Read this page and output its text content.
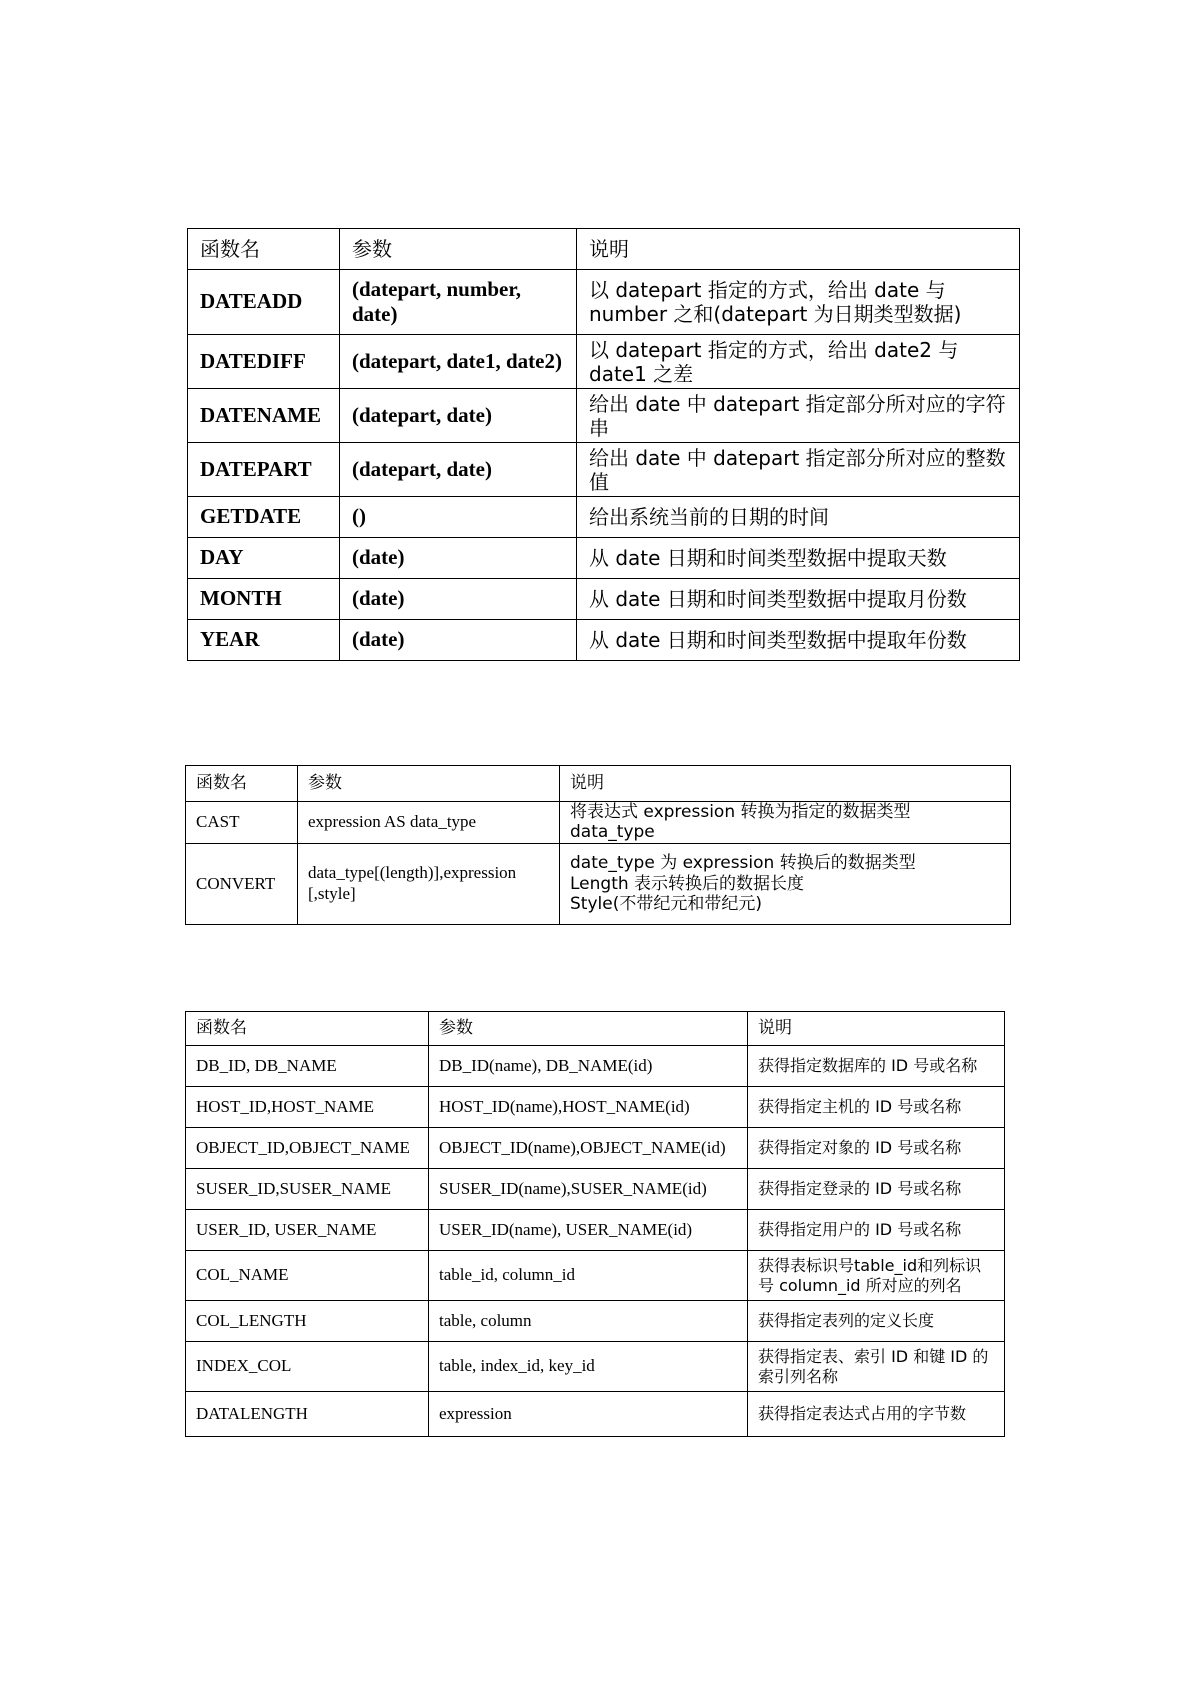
函数名	参数	说明
DATEADD	(datepart, number, date)	以 datepart 指定的方式，给出 date 与 number 之和(datepart 为日期类型数据)
DATEDIFF	(datepart, date1, date2)	以 datepart 指定的方式，给出 date2 与 date1 之差
DATENAME	(datepart, date)	给出 date 中 datepart 指定部分所对应的字符串
DATEPART	(datepart, date)	给出 date 中 datepart 指定部分所对应的整数值
GETDATE	()	给出系统当前的日期的时间
DAY	(date)	从 date 日期和时间类型数据中提取天数
MONTH	(date)	从 date 日期和时间类型数据中提取月份数
YEAR	(date)	从 date 日期和时间类型数据中提取年份数
函数名	参数	说明
CAST	expression AS data_type	将表达式 expression 转换为指定的数据类型 data_type

CONVERT	data_type[(length)],expression [,style]	date_type 为 expression 转换后的数据类型
Length 表示转换后的数据长度
Style(不带纪元和带纪元)
函数名	参数	说明
DB_ID, DB_NAME	DB_ID(name), DB_NAME(id)	获得指定数据库的 ID 号或名称
HOST_ID,HOST_NAME	HOST_ID(name),HOST_NAME(id)	获得指定主机的 ID 号或名称
OBJECT_ID,OBJECT_NAME	OBJECT_ID(name),OBJECT_NAME(id)	获得指定对象的 ID 号或名称
SUSER_ID,SUSER_NAME	SUSER_ID(name),SUSER_NAME(id)	获得指定登录的 ID 号或名称
USER_ID, USER_NAME	USER_ID(name), USER_NAME(id)	获得指定用户的 ID 号或名称
COL_NAME	table_id, column_id	获得表标识号table_id和列标识号 column_id 所对应的列名
COL_LENGTH	table, column	获得指定表列的定义长度
INDEX_COL	table, index_id, key_id	获得指定表、索引 ID 和键 ID 的索引列名称
DATALENGTH	expression	获得指定表达式占用的字节数
